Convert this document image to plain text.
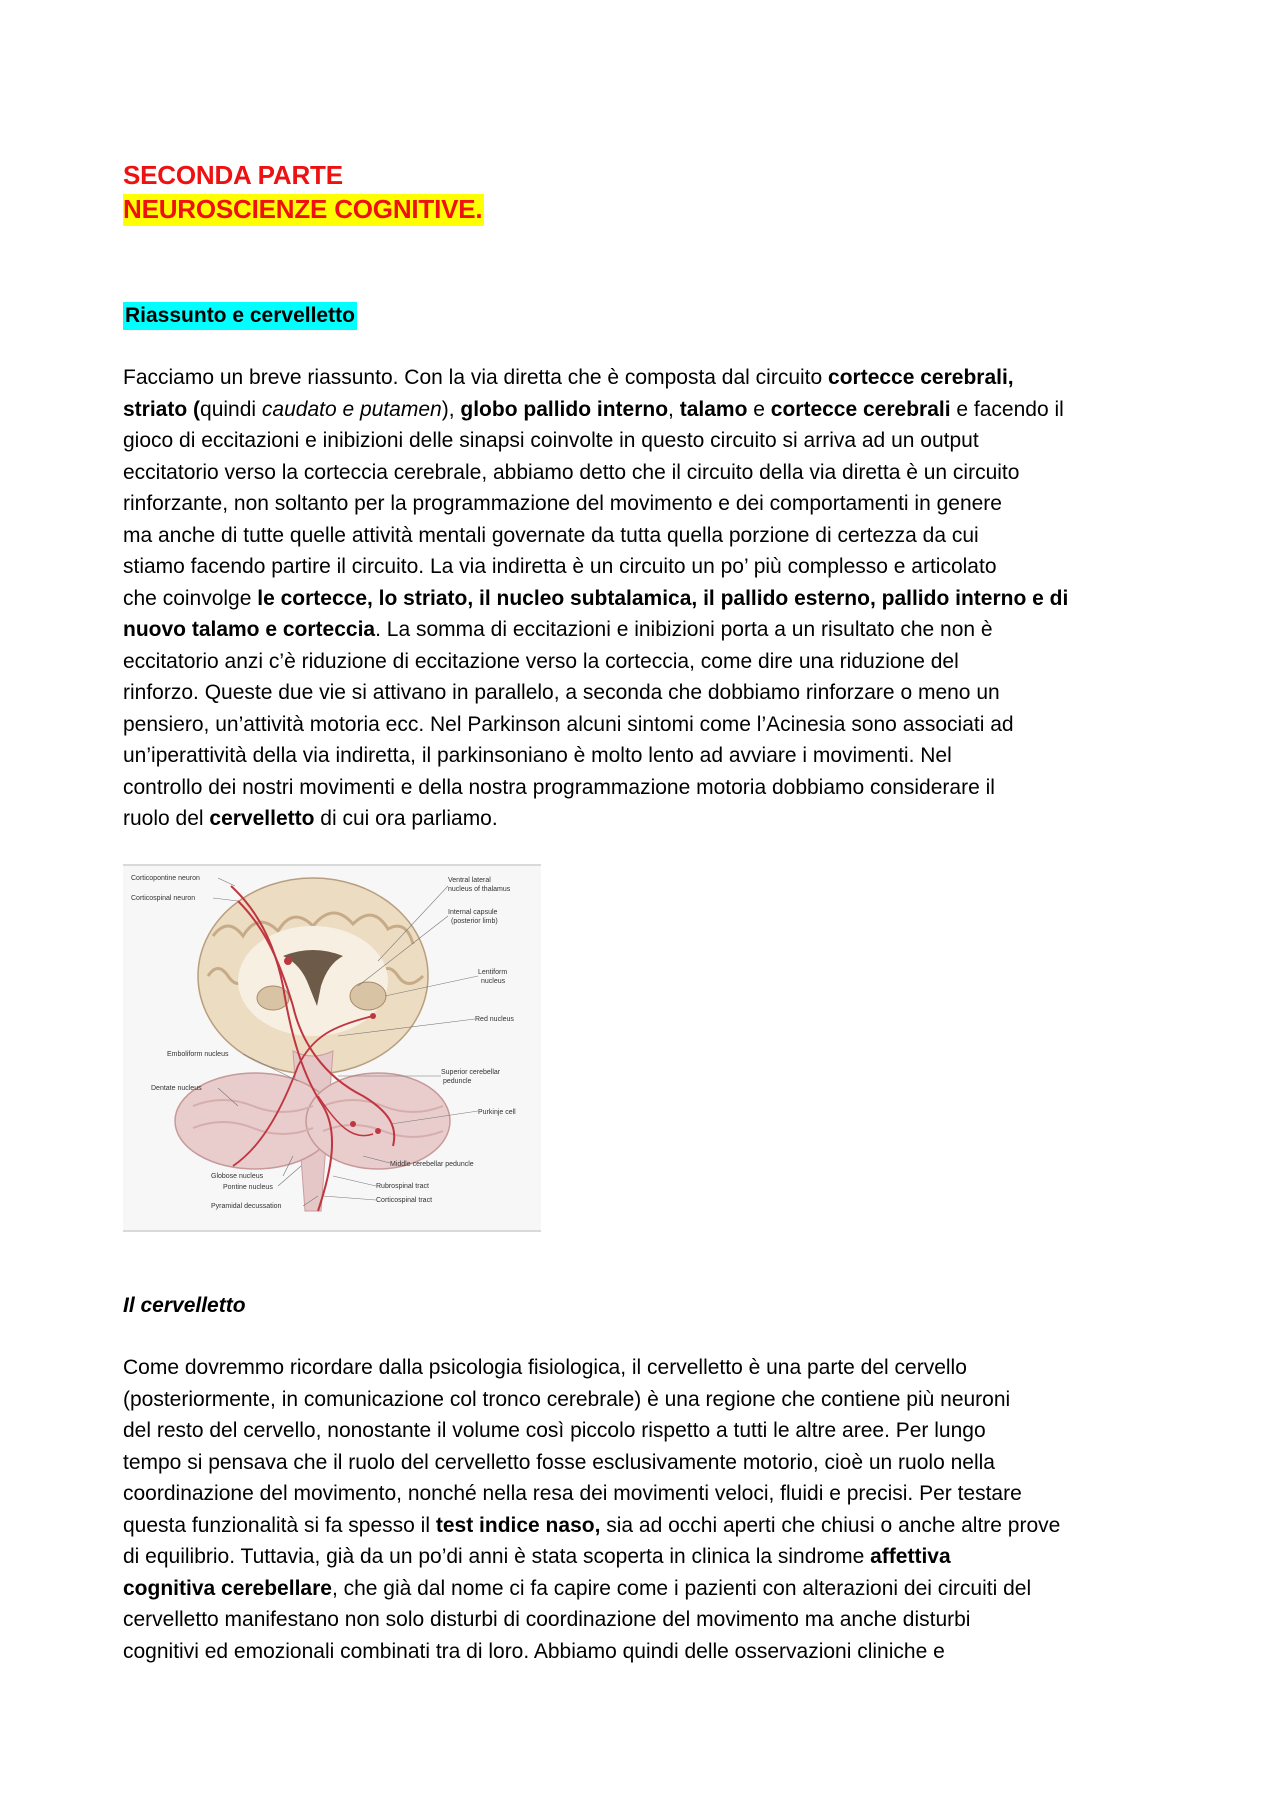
SECONDA PARTE
NEUROSCIENZE COGNITIVE.
Riassunto e cervelletto
Facciamo un breve riassunto. Con la via diretta che è composta dal circuito cortecce cerebrali,
striato (quindi caudato e putamen), globo pallido interno, talamo e cortecce cerebrali e facendo il
gioco di eccitazioni e inibizioni delle sinapsi coinvolte in questo circuito si arriva ad un output
eccitatorio verso la corteccia cerebrale, abbiamo detto che il circuito della via diretta è un circuito
rinforzante, non soltanto per la programmazione del movimento e dei comportamenti in genere
ma anche di tutte quelle attività mentali governate da tutta quella porzione di certezza da cui
stiamo facendo partire il circuito. La via indiretta è un circuito un po’ più complesso e articolato
che coinvolge le cortecce, lo striato, il nucleo subtalamica, il pallido esterno, pallido interno e di
nuovo talamo e corteccia. La somma di eccitazioni e inibizioni porta a un risultato che non è
eccitatorio anzi c’è riduzione di eccitazione verso la corteccia, come dire una riduzione del
rinforzo. Queste due vie si attivano in parallelo, a seconda che dobbiamo rinforzare o meno un
pensiero, un’attività motoria ecc. Nel Parkinson alcuni sintomi come l’Acinesia sono associati ad
un’iperattività della via indiretta, il parkinsoniano è molto lento ad avviare i movimenti. Nel
controllo dei nostri movimenti e della nostra programmazione motoria dobbiamo considerare il
ruolo del cervelletto di cui ora parliamo.
Corticopontine neuron
Corticospinal neuron
Emboliform nucleus
Dentate nucleus
Globose nucleus
Pontine nucleus
Pyramidal decussation
Ventral lateral
nucleus of thalamus
Internal capsule
(posterior limb)
Lentiform
nucleus
Red nucleus
Superior cerebellar
peduncle
Purkinje cell
Middle cerebellar peduncle
Rubrospinal tract
Corticospinal tract
Il cervelletto
Come dovremmo ricordare dalla psicologia fisiologica, il cervelletto è una parte del cervello
(posteriormente, in comunicazione col tronco cerebrale) è una regione che contiene più neuroni
del resto del cervello, nonostante il volume così piccolo rispetto a tutti le altre aree. Per lungo
tempo si pensava che il ruolo del cervelletto fosse esclusivamente motorio, cioè un ruolo nella
coordinazione del movimento, nonché nella resa dei movimenti veloci, fluidi e precisi. Per testare
questa funzionalità si fa spesso il test indice naso, sia ad occhi aperti che chiusi o anche altre prove
di equilibrio. Tuttavia, già da un po’di anni è stata scoperta in clinica la sindrome affettiva
cognitiva cerebellare, che già dal nome ci fa capire come i pazienti con alterazioni dei circuiti del
cervelletto manifestano non solo disturbi di coordinazione del movimento ma anche disturbi
cognitivi ed emozionali combinati tra di loro. Abbiamo quindi delle osservazioni cliniche e
